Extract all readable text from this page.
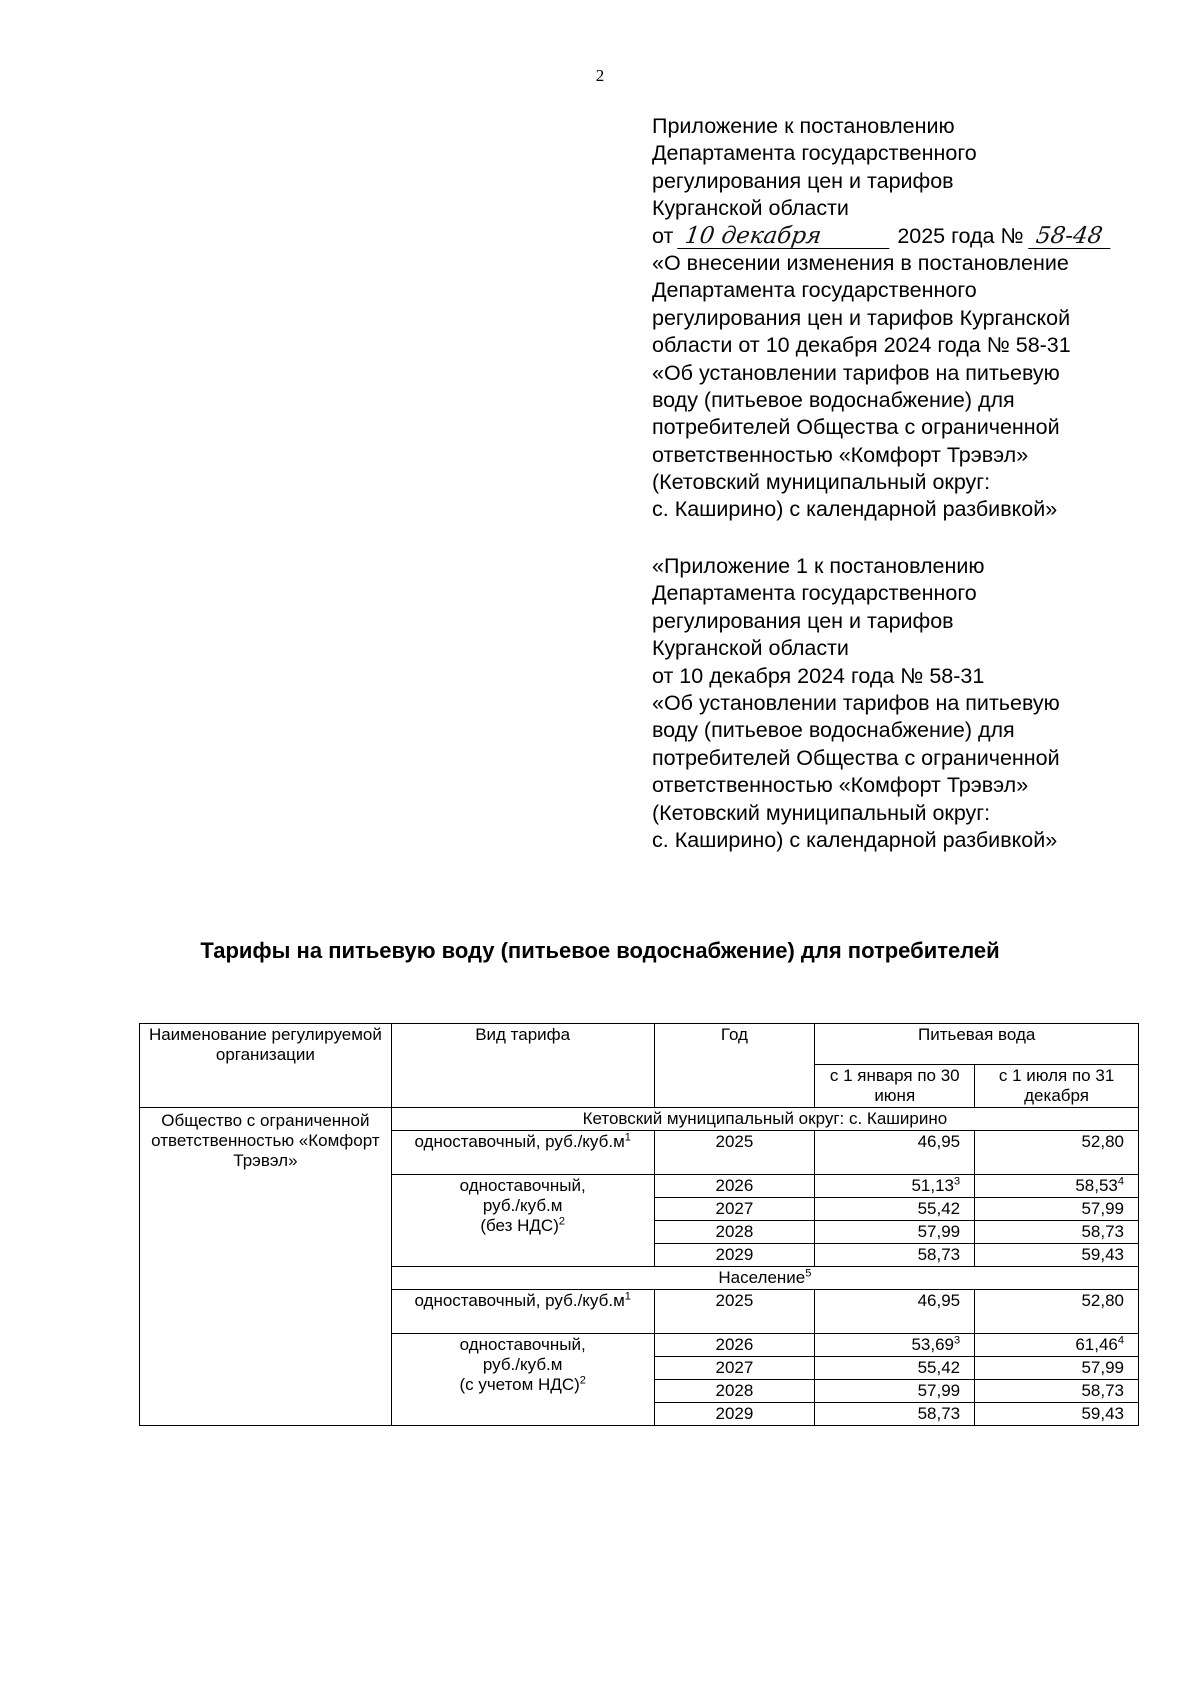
2
Приложение к постановлению
Департамента государственного
регулирования цен и тарифов
Курганской области
от 10 декабря	2025 года № 58-48
«О внесении изменения в постановление
Департамента государственного
регулирования цен и тарифов Курганской
области от 10 декабря 2024 года № 58-31
«Об установлении тарифов на питьевую
воду (питьевое водоснабжение) для
потребителей Общества с ограниченной
ответственностью «Комфорт Трэвэл»
(Кетовский муниципальный округ:
с. Каширино) с календарной разбивкой»
«Приложение 1 к постановлению
Департамента государственного
регулирования цен и тарифов
Курганской области
от 10 декабря 2024 года № 58-31
«Об установлении тарифов на питьевую
воду (питьевое водоснабжение) для
потребителей Общества с ограниченной
ответственностью «Комфорт Трэвэл»
(Кетовский муниципальный округ:
с. Каширино) с календарной разбивкой»
Тарифы на питьевую воду (питьевое водоснабжение) для потребителей
Наименование регулируемой организации	Вид тарифа	Год	Питьевая вода	
			с 1 января по 30 июня	с 1 июля по 31 декабря
Общество с ограниченной ответственностью «Комфорт Трэвэл»	Кетовский муниципальный округ: с. Каширино			
	одноставочный, $руб./куб.м^1$	2025	46,95	52,80
	одноставочный,
руб./куб.м
(без НДС)$^2$	2026	51,13$^3$	58,53$^4$
		2027	55,42	57,99
		2028	57,99	58,73
		2029	58,73	59,43
	Население$^5$
	одноставочный, $руб./куб.м^1$	2025	46,95	52,80
	одноставочный,
руб./куб.м
(с учетом НДС)$^2$	2026	53,69$^3$	61,46$^4$
		2027	55,42	57,99
		2028	57,99	58,73
		2029	58,73	59,43
